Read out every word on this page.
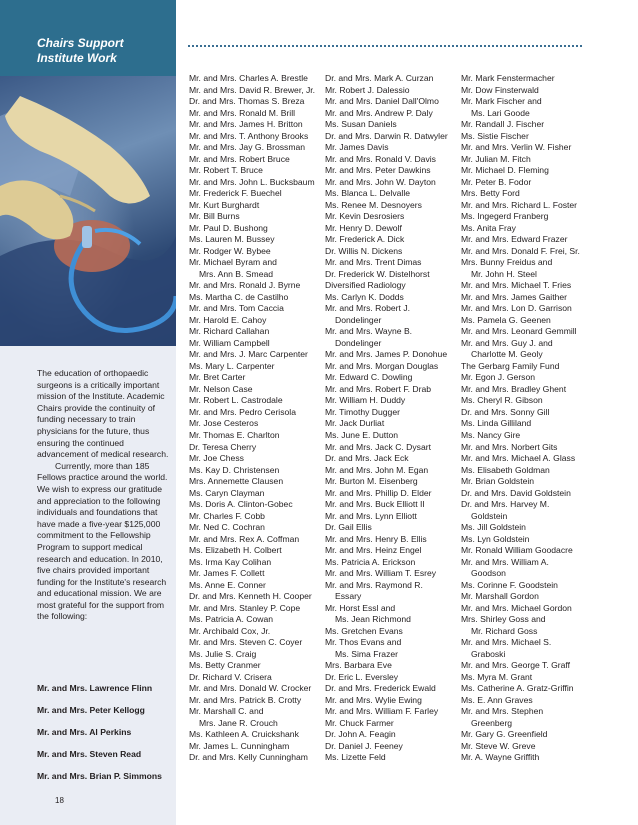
Chairs Support
Institute Work

The education of orthopaedic surgeons is a critically important mission of the Institute. Academic Chairs provide the continuity of funding necessary to train physicians for the future, thus ensuring the continued advancement of medical research.

Currently, more than 185 Fellows practice around the world. We wish to express our gratitude and appreciation to the following individuals and foundations that have made a five-year $125,000 commitment to the Fellowship Program to support medical research and education. In 2010, five chairs provided important funding for the Institute's research and educational mission. We are most grateful for the support from the following:

Mr. and Mrs. Lawrence Flinn
Mr. and Mrs. Peter Kellogg
Mr. and Mrs. Al Perkins
Mr. and Mrs. Steven Read
Mr. and Mrs. Brian P. Simmons
18
Mr. and Mrs. Charles A. Brestle
Mr. and Mrs. David R. Brewer, Jr.
Dr. and Mrs. Thomas S. Breza
Mr. and Mrs. Ronald M. Brill
Mr. and Mrs. James H. Britton
Mr. and Mrs. T. Anthony Brooks
Mr. and Mrs. Jay G. Brossman
Mr. and Mrs. Robert Bruce
Mr. Robert T. Bruce
Mr. and Mrs. John L. Bucksbaum
Mr. Frederick F. Buechel
Mr. Kurt Burghardt
Mr. Bill Burns
Mr. Paul D. Bushong
Ms. Lauren M. Bussey
Mr. Rodger W. Bybee
Mr. Michael Byram and
Mrs. Ann B. Smead
Mr. and Mrs. Ronald J. Byrne
Ms. Martha C. de Castilho
Mr. and Mrs. Tom Caccia
Mr. Harold E. Cahoy
Mr. Richard Callahan
Mr. William Campbell
Mr. and Mrs. J. Marc Carpenter
Ms. Mary L. Carpenter
Mr. Bret Carter
Mr. Nelson Case
Mr. Robert L. Castrodale
Mr. and Mrs. Pedro Cerisola
Mr. Jose Cesteros
Mr. Thomas E. Charlton
Dr. Teresa Cherry
Mr. Joe Chess
Ms. Kay D. Christensen
Mrs. Annemette Clausen
Ms. Caryn Clayman
Ms. Doris A. Clinton-Gobec
Mr. Charles F. Cobb
Mr. Ned C. Cochran
Mr. and Mrs. Rex A. Coffman
Ms. Elizabeth H. Colbert
Ms. Irma Kay Colihan
Mr. James F. Collett
Ms. Anne E. Conner
Dr. and Mrs. Kenneth H. Cooper
Mr. and Mrs. Stanley P. Cope
Ms. Patricia A. Cowan
Mr. Archibald Cox, Jr.
Mr. and Mrs. Steven C. Coyer
Ms. Julie S. Craig
Ms. Betty Cranmer
Dr. Richard V. Crisera
Mr. and Mrs. Donald W. Crocker
Mr. and Mrs. Patrick B. Crotty
Mr. Marshall C. and
Mrs. Jane R. Crouch
Ms. Kathleen A. Cruickshank
Mr. James L. Cunningham
Dr. and Mrs. Kelly Cunningham
Dr. and Mrs. Mark A. Curzan
Mr. Robert J. Dalessio
Mr. and Mrs. Daniel Dall'Olmo
Mr. and Mrs. Andrew P. Daly
Ms. Susan Daniels
Dr. and Mrs. Darwin R. Datwyler
Mr. James Davis
Mr. and Mrs. Ronald V. Davis
Mr. and Mrs. Peter Dawkins
Mr. and Mrs. John W. Dayton
Ms. Blanca L. Delvalle
Ms. Renee M. Desnoyers
Mr. Kevin Desrosiers
Mr. Henry D. Dewolf
Mr. Frederick A. Dick
Dr. Willis N. Dickens
Mr. and Mrs. Trent Dimas
Dr. Frederick W. Distelhorst
Diversified Radiology
Ms. Carlyn K. Dodds
Mr. and Mrs. Robert J.
Dondelinger
Mr. and Mrs. Wayne B.
Dondelinger
Mr. and Mrs. James P. Donohue
Mr. and Mrs. Morgan Douglas
Mr. Edward C. Dowling
Mr. and Mrs. Robert F. Drab
Mr. William H. Duddy
Mr. Timothy Dugger
Mr. Jack Durliat
Ms. June E. Dutton
Mr. and Mrs. Jack C. Dysart
Dr. and Mrs. Jack Eck
Mr. and Mrs. John M. Egan
Mr. Burton M. Eisenberg
Mr. and Mrs. Phillip D. Elder
Mr. and Mrs. Buck Elliott II
Mr. and Mrs. Lynn Elliott
Dr. Gail Ellis
Mr. and Mrs. Henry B. Ellis
Mr. and Mrs. Heinz Engel
Ms. Patricia A. Erickson
Mr. and Mrs. William T. Esrey
Mr. and Mrs. Raymond R.
Essary
Mr. Horst Essl and
Ms. Jean Richmond
Ms. Gretchen Evans
Mr. Thos Evans and
Ms. Sima Frazer
Mrs. Barbara Eve
Dr. Eric L. Eversley
Dr. and Mrs. Frederick Ewald
Mr. and Mrs. Wylie Ewing
Mr. and Mrs. William F. Farley
Mr. Chuck Farmer
Dr. John A. Feagin
Dr. Daniel J. Feeney
Ms. Lizette Feld
Mr. Mark Fenstermacher
Mr. Dow Finsterwald
Mr. Mark Fischer and
Ms. Lari Goode
Mr. Randall J. Fischer
Ms. Sistie Fischer
Mr. and Mrs. Verlin W. Fisher
Mr. Julian M. Fitch
Mr. Michael D. Fleming
Mr. Peter B. Fodor
Mrs. Betty Ford
Mr. and Mrs. Richard L. Foster
Ms. Ingegerd Franberg
Ms. Anita Fray
Mr. and Mrs. Edward Frazer
Mr. and Mrs. Donald F. Frei, Sr.
Mrs. Bunny Freidus and
Mr. John H. Steel
Mr. and Mrs. Michael T. Fries
Mr. and Mrs. James Gaither
Mr. and Mrs. Lon D. Garrison
Ms. Pamela G. Geenen
Mr. and Mrs. Leonard Gemmill
Mr. and Mrs. Guy J. and
Charlotte M. Geoly
The Gerbarg Family Fund
Mr. Egon J. Gerson
Mr. and Mrs. Bradley Ghent
Ms. Cheryl R. Gibson
Dr. and Mrs. Sonny Gill
Ms. Linda Gilliland
Ms. Nancy Gire
Mr. and Mrs. Norbert Gits
Mr. and Mrs. Michael A. Glass
Ms. Elisabeth Goldman
Mr. Brian Goldstein
Dr. and Mrs. David Goldstein
Dr. and Mrs. Harvey M.
Goldstein
Ms. Jill Goldstein
Ms. Lyn Goldstein
Mr. Ronald William Goodacre
Mr. and Mrs. William A.
Goodson
Ms. Corinne F. Goodstein
Mr. Marshall Gordon
Mr. and Mrs. Michael Gordon
Mrs. Shirley Goss and
Mr. Richard Goss
Mr. and Mrs. Michael S.
Graboski
Mr. and Mrs. George T. Graff
Ms. Myra M. Grant
Ms. Catherine A. Gratz-Griffin
Ms. E. Ann Graves
Mr. and Mrs. Stephen
Greenberg
Mr. Gary G. Greenfield
Mr. Steve W. Greve
Mr. A. Wayne Griffith
